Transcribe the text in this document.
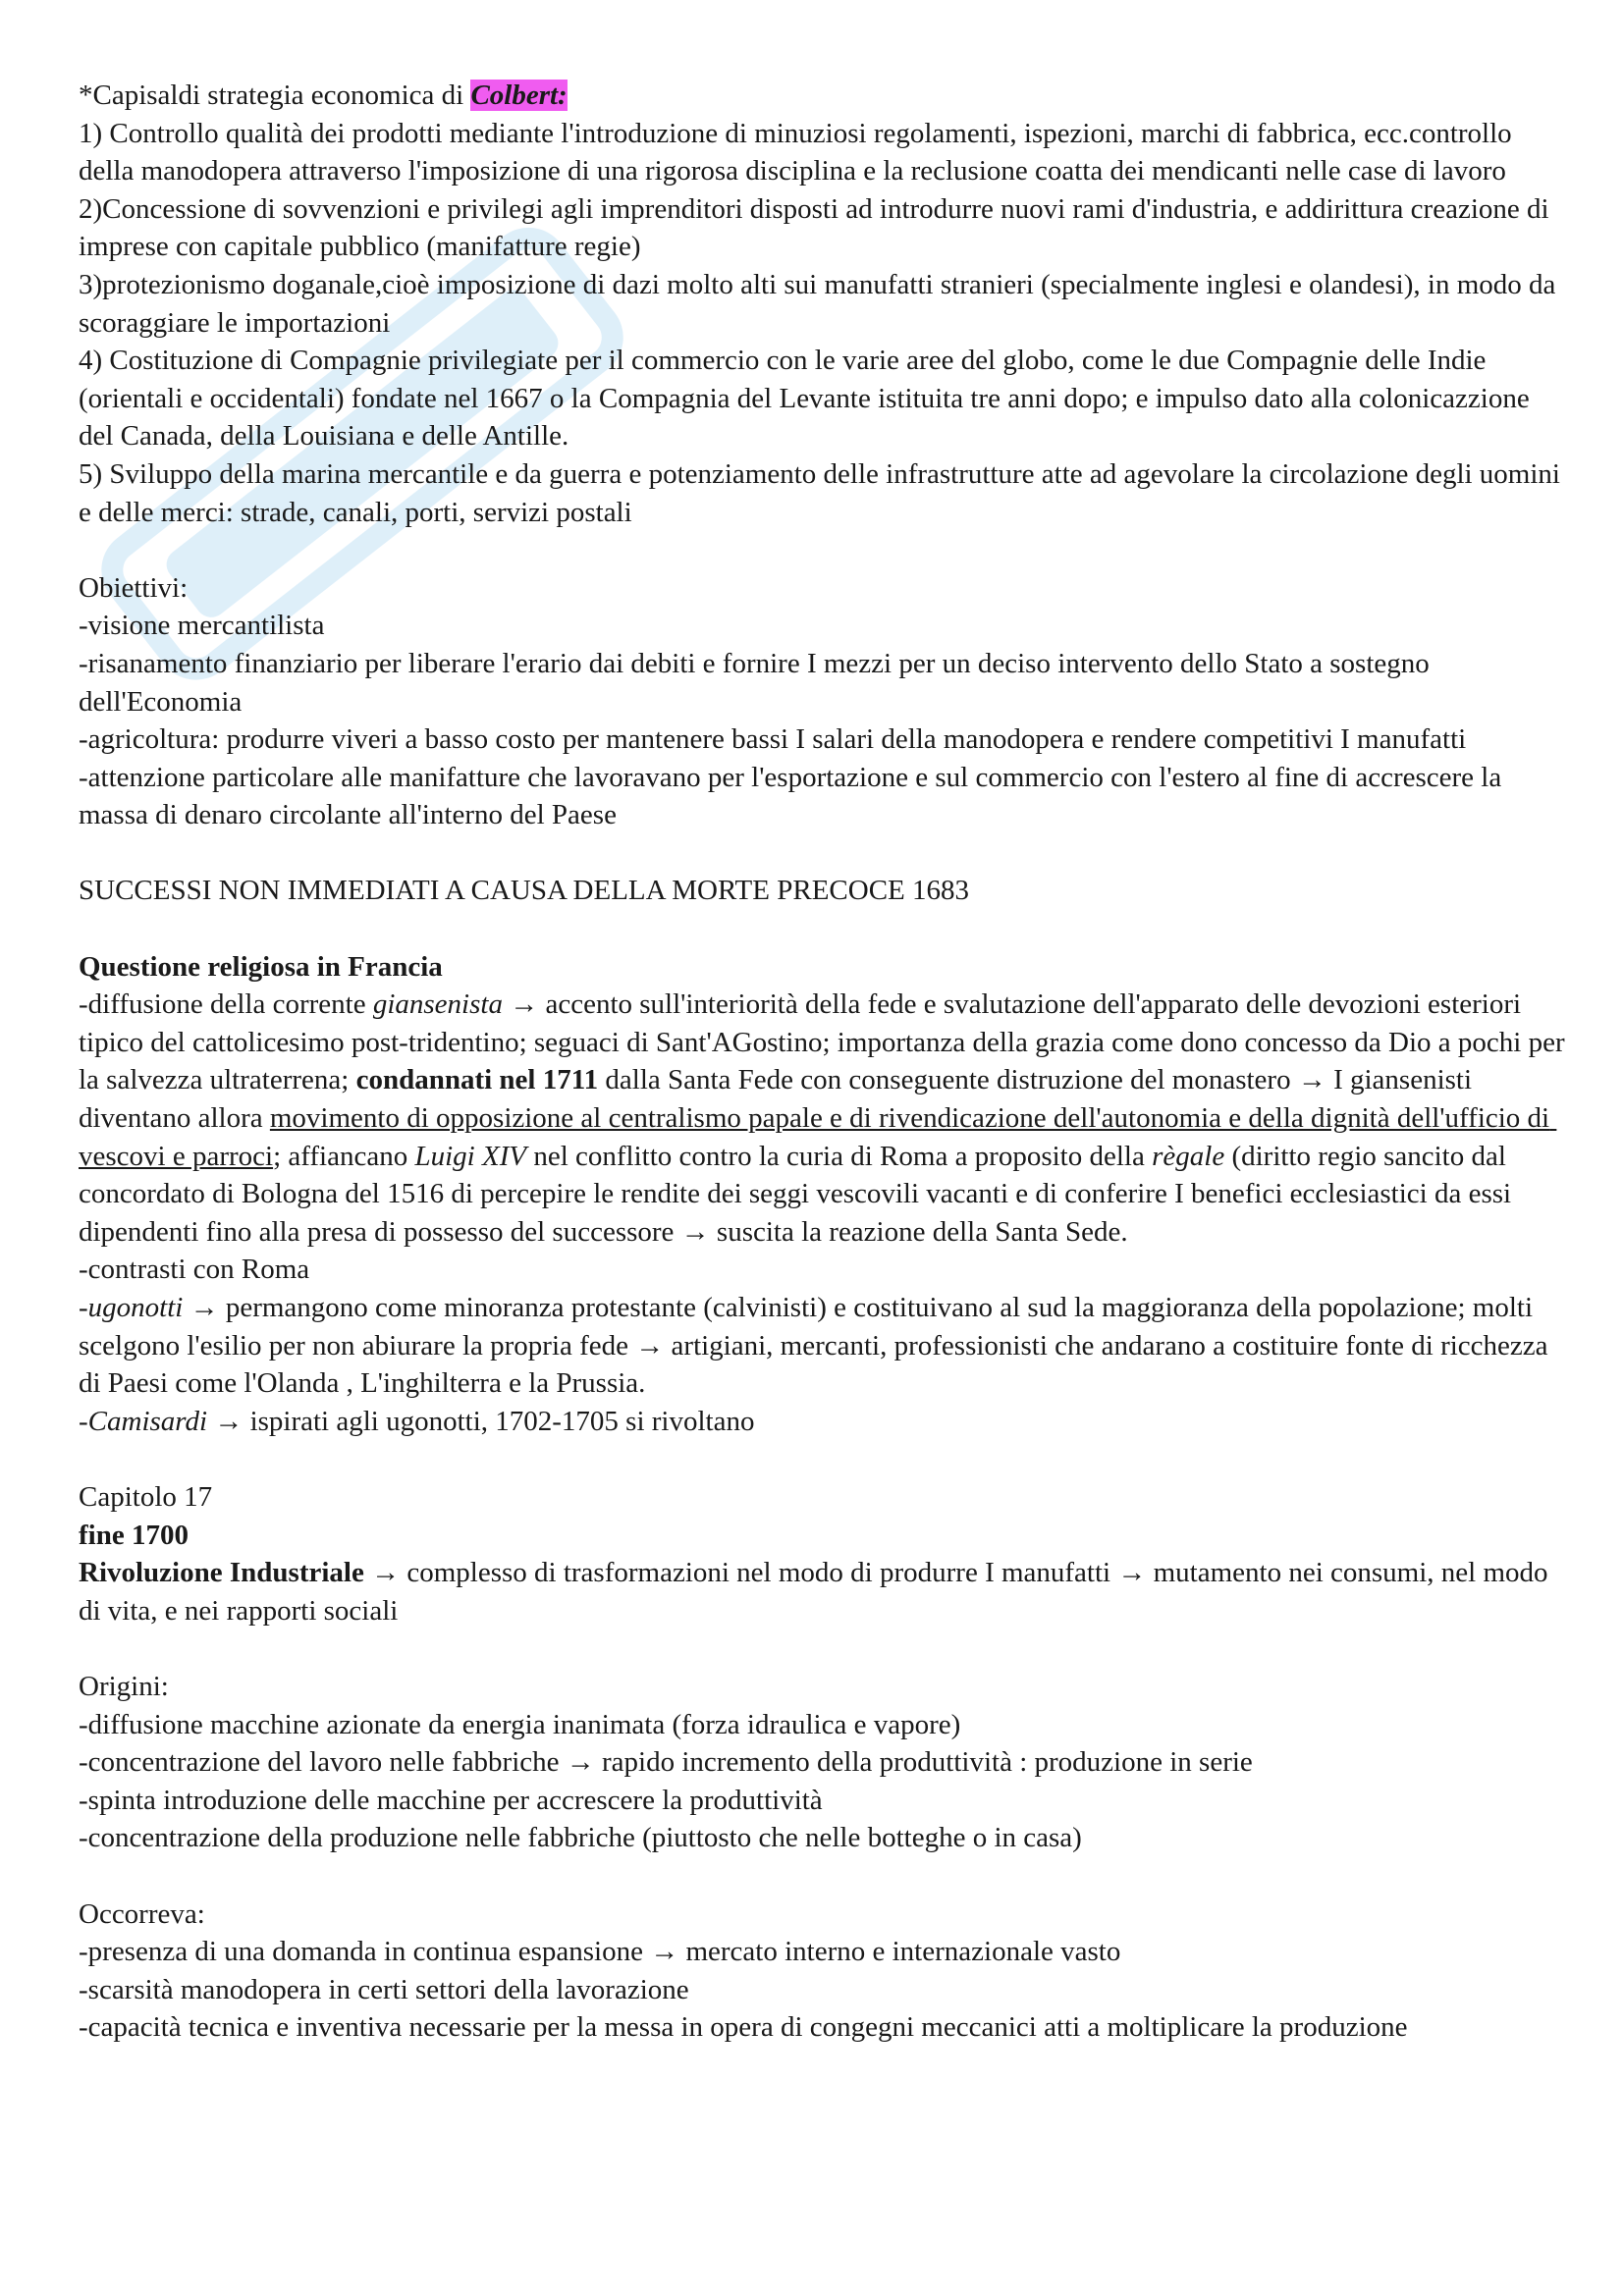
*Capisaldi strategia economica di Colbert:

1) Controllo qualità dei prodotti mediante l'introduzione di minuziosi regolamenti, ispezioni, marchi di fabbrica, ecc.controllo della manodopera attraverso l'imposizione di una rigorosa disciplina e la reclusione coatta dei mendicanti nelle case di lavoro

2)Concessione di sovvenzioni e privilegi agli imprenditori disposti ad introdurre nuovi rami d'industria, e addirittura creazione di imprese con capitale pubblico (manifatture regie)

3)protezionismo doganale,cioè imposizione di dazi molto alti sui manufatti stranieri (specialmente inglesi e olandesi), in modo da scoraggiare le importazioni

4) Costituzione di Compagnie privilegiate per il commercio con le varie aree del globo, come le due Compagnie delle Indie (orientali e occidentali) fondate nel 1667 o la Compagnia del Levante istituita tre anni dopo; e impulso dato alla colonicazzione del Canada, della Louisiana e delle Antille.

5) Sviluppo della marina mercantile e da guerra e potenziamento delle infrastrutture atte ad agevolare la circolazione degli uomini e delle merci: strade, canali, porti, servizi postali

Obiettivi:

-visione mercantilista

-risanamento finanziario per liberare l'erario dai debiti e fornire I mezzi per un deciso intervento dello Stato a sostegno dell'Economia

-agricoltura: produrre viveri a basso costo per mantenere bassi I salari della manodopera e rendere competitivi I manufatti

-attenzione particolare alle manifatture che lavoravano per l'esportazione e sul commercio con l'estero al fine di accrescere la massa di denaro circolante all'interno del Paese

SUCCESSI NON IMMEDIATI A CAUSA DELLA MORTE PRECOCE 1683

Questione religiosa in Francia

-diffusione della corrente giansenista → accento sull'interiorità della fede e svalutazione dell'apparato delle devozioni esteriori tipico del cattolicesimo post-tridentino; seguaci di Sant'AGostino; importanza della grazia come dono concesso da Dio a pochi per la salvezza ultraterrena; condannati nel 1711 dalla Santa Fede con conseguente distruzione del monastero → I giansenisti diventano allora movimento di opposizione al centralismo papale e di rivendicazione dell'autonomia e della dignità dell'ufficio di vescovi e parroci; affiancano Luigi XIV nel conflitto contro la curia di Roma a proposito della règale (diritto regio sancito dal concordato di Bologna del 1516 di percepire le rendite dei seggi vescovili vacanti e di conferire I benefici ecclesiastici da essi dipendenti fino alla presa di possesso del successore → suscita la reazione della Santa Sede.

-contrasti con Roma

-ugonotti → permangono come minoranza protestante (calvinisti) e costituivano al sud la maggioranza della popolazione; molti scelgono l'esilio per non abiurare la propria fede → artigiani, mercanti, professionisti che andarano a costituire fonte di ricchezza di Paesi come l'Olanda , L'inghilterra e la Prussia.

-Camisardi → ispirati agli ugonotti, 1702-1705 si rivoltano

Capitolo 17

fine 1700

Rivoluzione Industriale → complesso di trasformazioni nel modo di produrre I manufatti → mutamento nei consumi, nel modo di vita, e nei rapporti sociali

Origini:

-diffusione macchine azionate da energia inanimata (forza idraulica e vapore)

-concentrazione del lavoro nelle fabbriche → rapido incremento della produttività : produzione in serie

-spinta introduzione delle macchine per accrescere la produttività

-concentrazione della produzione nelle fabbriche (piuttosto che nelle botteghe o in casa)

Occorreva:

-presenza di una domanda in continua espansione → mercato interno e internazionale vasto

-scarsità manodopera in certi settori della lavorazione

-capacità tecnica e inventiva necessarie per la messa in opera di congegni meccanici atti a moltiplicare la produzione
